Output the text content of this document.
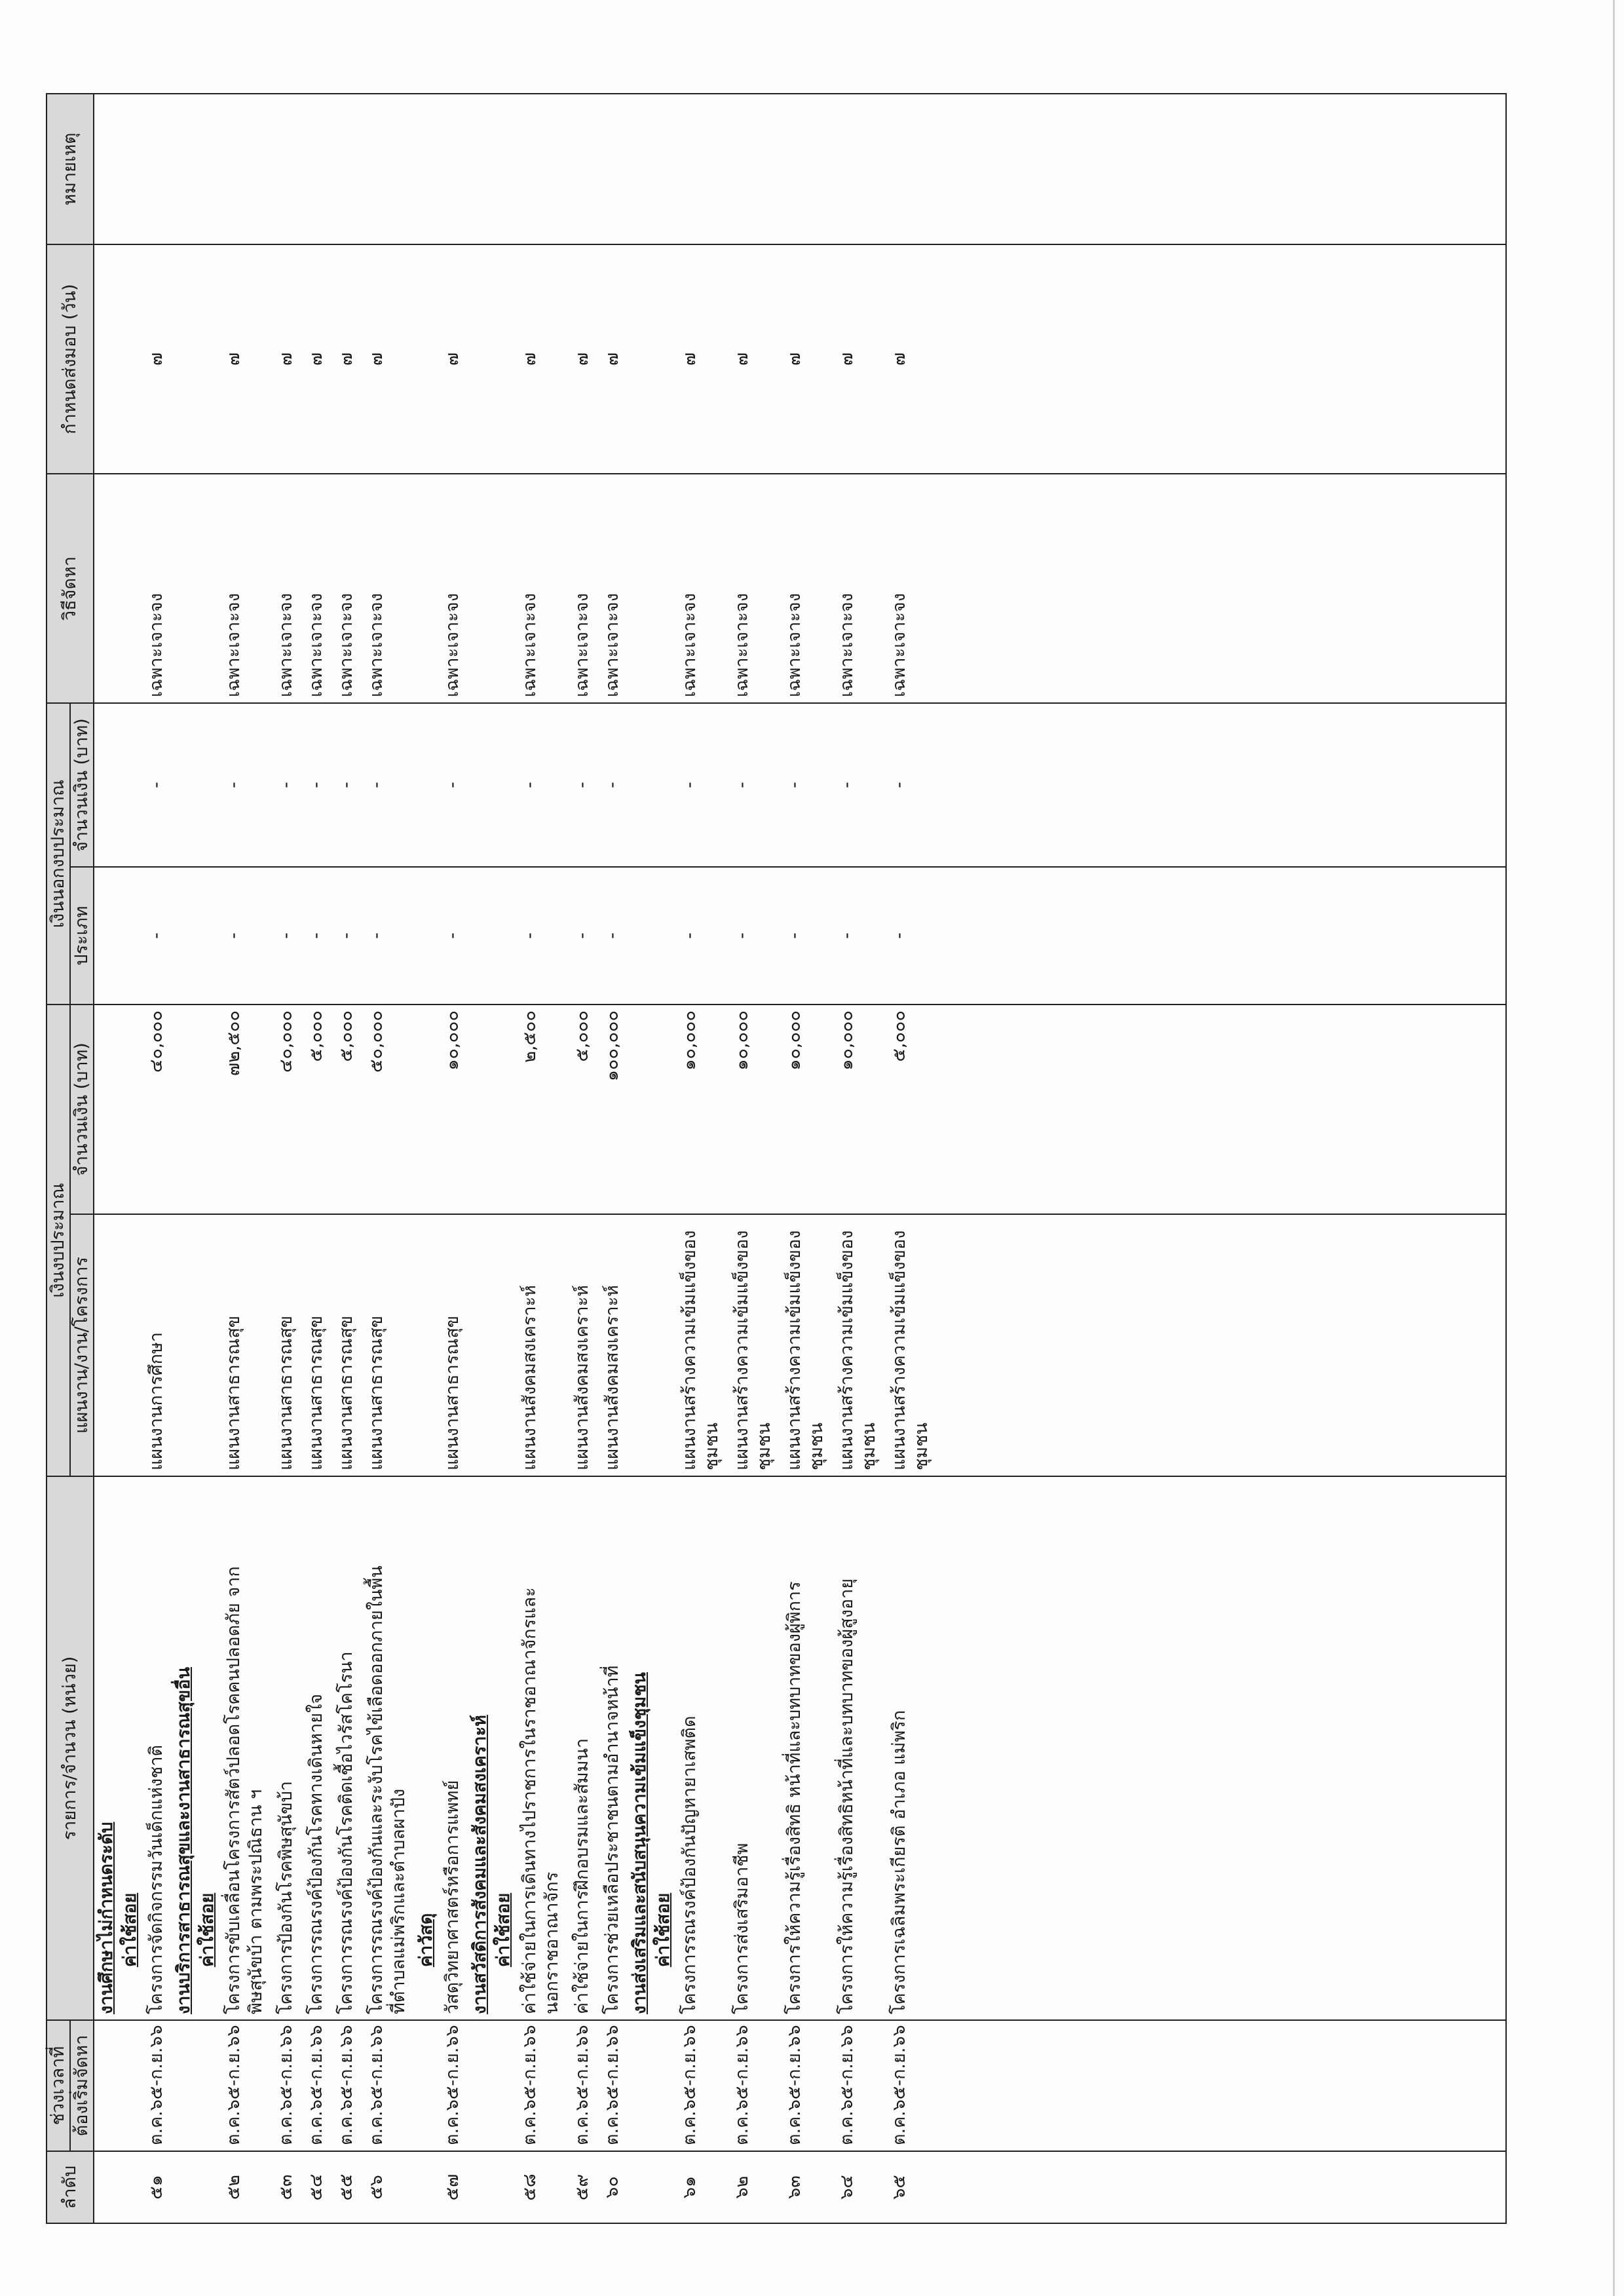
ลำดับ	ช่วงเวลาที่	รายการ/จำนวน (หน่วย)	เงินงบประมาณ		เงินนอกงบประมาณ		วิธีจัดหา	กำหนดส่งมอบ (วัน)	หมายเหตุ
	ต้องเริ่มจัดหา		แผนงาน/งาน/โครงการ	จำนวนเงิน (บาท)	ประเภท	จำนวนเงิน (บาท)			
		งานศึกษาไม่กำหนดระดับ							
		ค่าใช้สอย							
๕๑	ต.ค.๖๕-ก.ย.๖๖	โครงการจัดกิจกรรมวันเด็กแห่งชาติ	แผนงานการศึกษา	๔๐,๐๐๐	-	-	เฉพาะเจาะจง	๗	
		งานบริการสาธารณสุขและงานสาธารณสุขอื่น							
		ค่าใช้สอย							
๕๒	ต.ค.๖๕-ก.ย.๖๖	โครงการขับเคลื่อนโครงการสัตว์ปลอดโรคคนปลอดภัย จาก พิษสุนัขบ้า ตามพระปณิธาน ฯ	แผนงานสาธารณสุข	๗๒,๕๐๐	-	-	เฉพาะเจาะจง	๗	
๕๓	ต.ค.๖๕-ก.ย.๖๖	โครงการป้องกันโรคพิษสุนัขบ้า	แผนงานสาธารณสุข	๔๐,๐๐๐	-	-	เฉพาะเจาะจง	๗	
๕๔	ต.ค.๖๕-ก.ย.๖๖	โครงการรณรงค์ป้องกันโรคทางเดินหายใจ	แผนงานสาธารณสุข	๕,๐๐๐	-	-	เฉพาะเจาะจง	๗	
๕๕	ต.ค.๖๕-ก.ย.๖๖	โครงการรณรงค์ป้องกันโรคติดเชื้อไวรัสโคโรนา	แผนงานสาธารณสุข	๕,๐๐๐	-	-	เฉพาะเจาะจง	๗	
๕๖	ต.ค.๖๕-ก.ย.๖๖	โครงการรณรงค์ป้องกันและระงับโรคไข้เลือดออกภายในพื้น ที่ตำบลแม่พริกและตำบลผาปัง	แผนงานสาธารณสุข	๕๐,๐๐๐	-	-	เฉพาะเจาะจง	๗	
		ค่าวัสดุ							
๕๗	ต.ค.๖๕-ก.ย.๖๖	วัสดุวิทยาศาสตร์หรือการแพทย์	แผนงานสาธารณสุข	๑๐,๐๐๐	-	-	เฉพาะเจาะจง	๗	
		งานสวัสดิการสังคมและสังคมสงเคราะห์							
		ค่าใช้สอย							
๕๘	ต.ค.๖๕-ก.ย.๖๖	ค่าใช้จ่ายในการเดินทางไปราชการในราชอาณาจักรและ นอกราชอาณาจักร	แผนงานสังคมสงเคราะห์	๒,๕๐๐	-	-	เฉพาะเจาะจง	๗	
๕๙	ต.ค.๖๕-ก.ย.๖๖	ค่าใช้จ่ายในการฝึกอบรมและสัมมนา	แผนงานสังคมสงเคราะห์	๕,๐๐๐	-	-	เฉพาะเจาะจง	๗	
๖๐	ต.ค.๖๕-ก.ย.๖๖	โครงการช่วยเหลือประชาชนตามอำนาจหน้าที่	แผนงานสังคมสงเคราะห์	๑๐๐,๐๐๐	-	-	เฉพาะเจาะจง	๗	
		งานส่งเสริมและสนับสนุนความเข้มแข็งชุมชน							
		ค่าใช้สอย							
๖๑	ต.ค.๖๕-ก.ย.๖๖	โครงการรณรงค์ป้องกันปัญหายาเสพติด	แผนงานสร้างความเข้มแข็งของชุมชน	๑๐,๐๐๐	-	-	เฉพาะเจาะจง	๗	
๖๒	ต.ค.๖๕-ก.ย.๖๖	โครงการส่งเสริมอาชีพ	แผนงานสร้างความเข้มแข็งของชุมชน	๑๐,๐๐๐	-	-	เฉพาะเจาะจง	๗	
๖๓	ต.ค.๖๕-ก.ย.๖๖	โครงการให้ความรู้เรื่องสิทธิ หน้าที่และบทบาทของผู้พิการ	แผนงานสร้างความเข้มแข็งของชุมชน	๑๐,๐๐๐	-	-	เฉพาะเจาะจง	๗	
๖๔	ต.ค.๖๕-ก.ย.๖๖	โครงการให้ความรู้เรื่องสิทธิหน้าที่และบทบาทของผู้สูงอายุ	แผนงานสร้างความเข้มแข็งของชุมชน	๑๐,๐๐๐	-	-	เฉพาะเจาะจง	๗	
๖๕	ต.ค.๖๕-ก.ย.๖๖	โครงการเฉลิมพระเกียรติ อำเภอ แม่พริก	แผนงานสร้างความเข้มแข็งของชุมชน	๕,๐๐๐	-	-	เฉพาะเจาะจง	๗	
